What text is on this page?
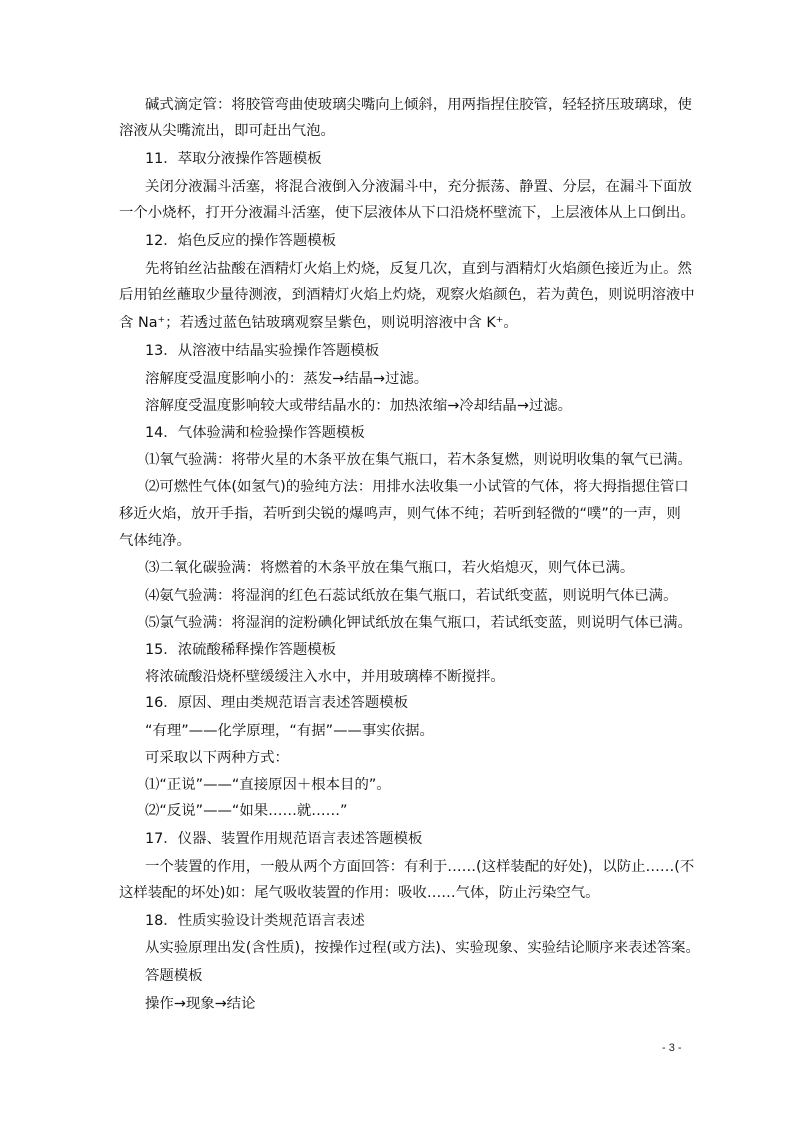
碱式滴定管：将胶管弯曲使玻璃尖嘴向上倾斜，用两指捏住胶管，轻轻挤压玻璃球，使
溶液从尖嘴流出，即可赶出气泡。
11．萃取分液操作答题模板
关闭分液漏斗活塞，将混合液倒入分液漏斗中，充分振荡、静置、分层，在漏斗下面放
一个小烧杯，打开分液漏斗活塞，使下层液体从下口沿烧杯壁流下，上层液体从上口倒出。
12．焰色反应的操作答题模板
先将铂丝沾盐酸在酒精灯火焰上灼烧，反复几次，直到与酒精灯火焰颜色接近为止。然
后用铂丝蘸取少量待测液，到酒精灯火焰上灼烧，观察火焰颜色，若为黄色，则说明溶液中
含 Na⁺；若透过蓝色钴玻璃观察呈紫色，则说明溶液中含 K⁺。
13．从溶液中结晶实验操作答题模板
溶解度受温度影响小的：蒸发→结晶→过滤。
溶解度受温度影响较大或带结晶水的：加热浓缩→冷却结晶→过滤。
14．气体验满和检验操作答题模板
⑴氧气验满：将带火星的木条平放在集气瓶口，若木条复燃，则说明收集的氧气已满。
⑵可燃性气体(如氢气)的验纯方法：用排水法收集一小试管的气体，将大拇指摁住管口
移近火焰，放开手指，若听到尖锐的爆鸣声，则气体不纯；若听到轻微的“噗”的一声，则
气体纯净。
⑶二氧化碳验满：将燃着的木条平放在集气瓶口，若火焰熄灭，则气体已满。
⑷氨气验满：将湿润的红色石蕊试纸放在集气瓶口，若试纸变蓝，则说明气体已满。
⑸氯气验满：将湿润的淀粉碘化钾试纸放在集气瓶口，若试纸变蓝，则说明气体已满。
15．浓硫酸稀释操作答题模板
将浓硫酸沿烧杯壁缓缓注入水中，并用玻璃棒不断搅拌。
16．原因、理由类规范语言表述答题模板
“有理”——化学原理，“有据”——事实依据。
可采取以下两种方式：
⑴“正说”——“直接原因＋根本目的”。
⑵“反说”——“如果……就……”
17．仪器、装置作用规范语言表述答题模板
一个装置的作用，一般从两个方面回答：有利于……(这样装配的好处)，以防止……(不
这样装配的坏处)如：尾气吸收装置的作用：吸收……气体，防止污染空气。
18．性质实验设计类规范语言表述
从实验原理出发(含性质)，按操作过程(或方法)、实验现象、实验结论顺序来表述答案。
答题模板
操作→现象→结论
- 3 -
